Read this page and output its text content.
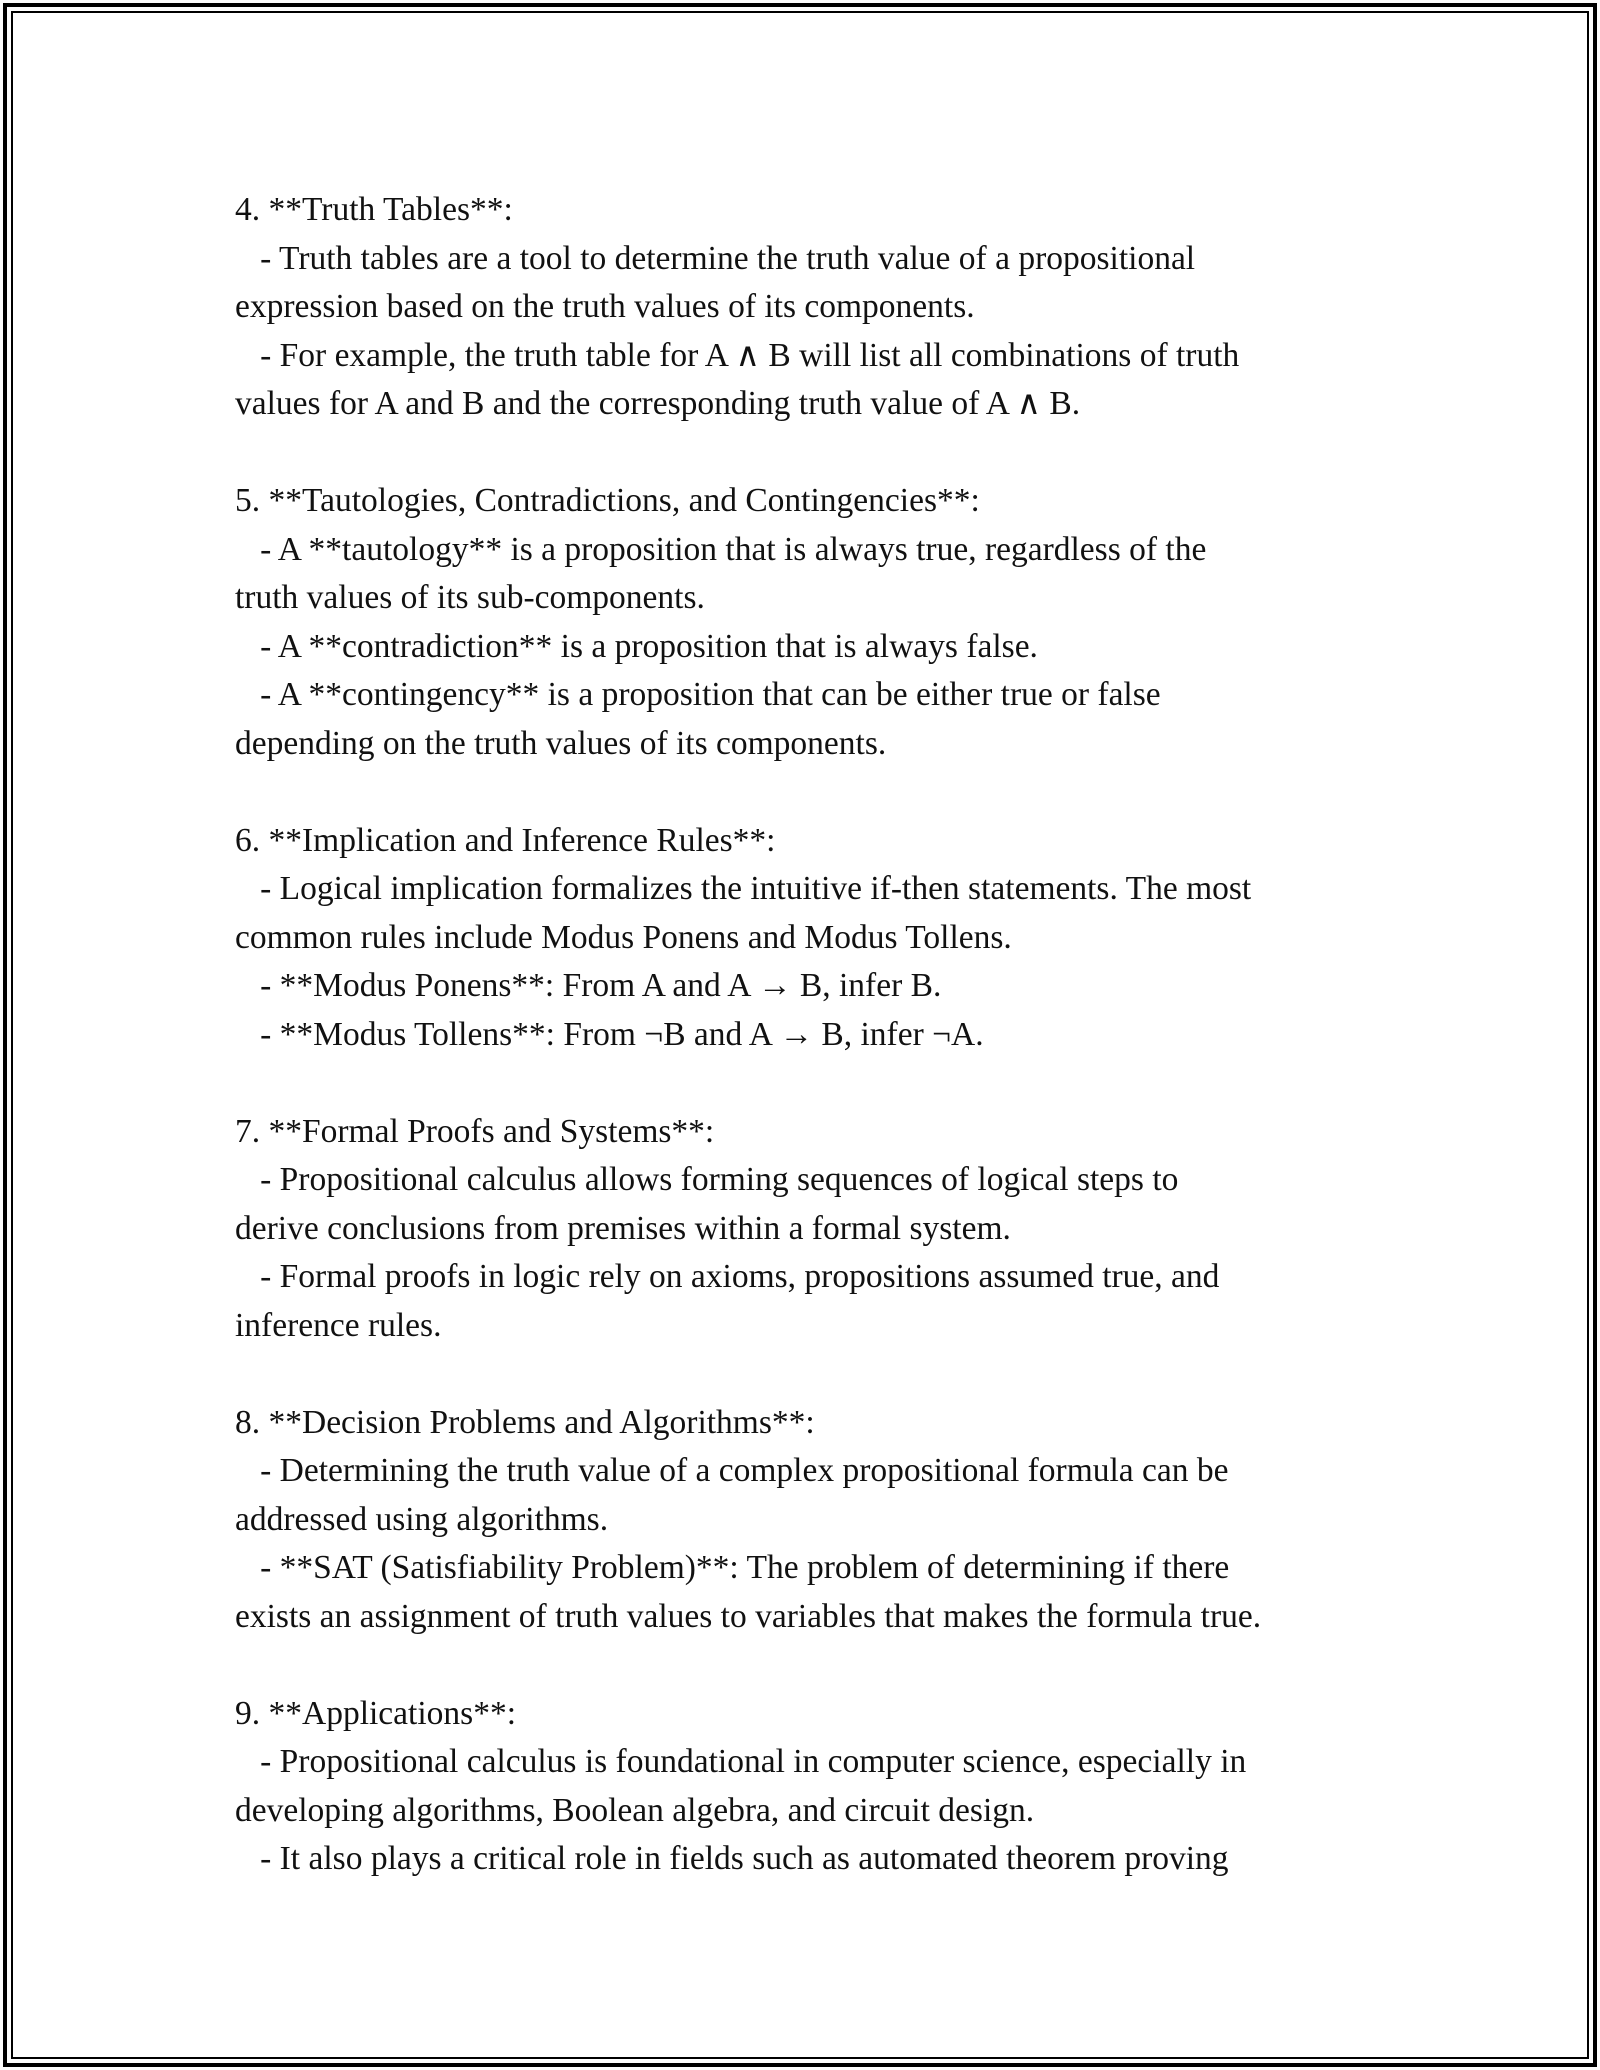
4. **Truth Tables**:
- Truth tables are a tool to determine the truth value of a propositional
expression based on the truth values of its components.
- For example, the truth table for A ∧ B will list all combinations of truth
values for A and B and the corresponding truth value of A ∧ B.
5. **Tautologies, Contradictions, and Contingencies**:
- A **tautology** is a proposition that is always true, regardless of the
truth values of its sub-components.
- A **contradiction** is a proposition that is always false.
- A **contingency** is a proposition that can be either true or false
depending on the truth values of its components.
6. **Implication and Inference Rules**:
- Logical implication formalizes the intuitive if-then statements. The most
common rules include Modus Ponens and Modus Tollens.
- **Modus Ponens**: From A and A → B, infer B.
- **Modus Tollens**: From ¬B and A → B, infer ¬A.
7. **Formal Proofs and Systems**:
- Propositional calculus allows forming sequences of logical steps to
derive conclusions from premises within a formal system.
- Formal proofs in logic rely on axioms, propositions assumed true, and
inference rules.
8. **Decision Problems and Algorithms**:
- Determining the truth value of a complex propositional formula can be
addressed using algorithms.
- **SAT (Satisfiability Problem)**: The problem of determining if there
exists an assignment of truth values to variables that makes the formula true.
9. **Applications**:
- Propositional calculus is foundational in computer science, especially in
developing algorithms, Boolean algebra, and circuit design.
- It also plays a critical role in fields such as automated theorem proving
